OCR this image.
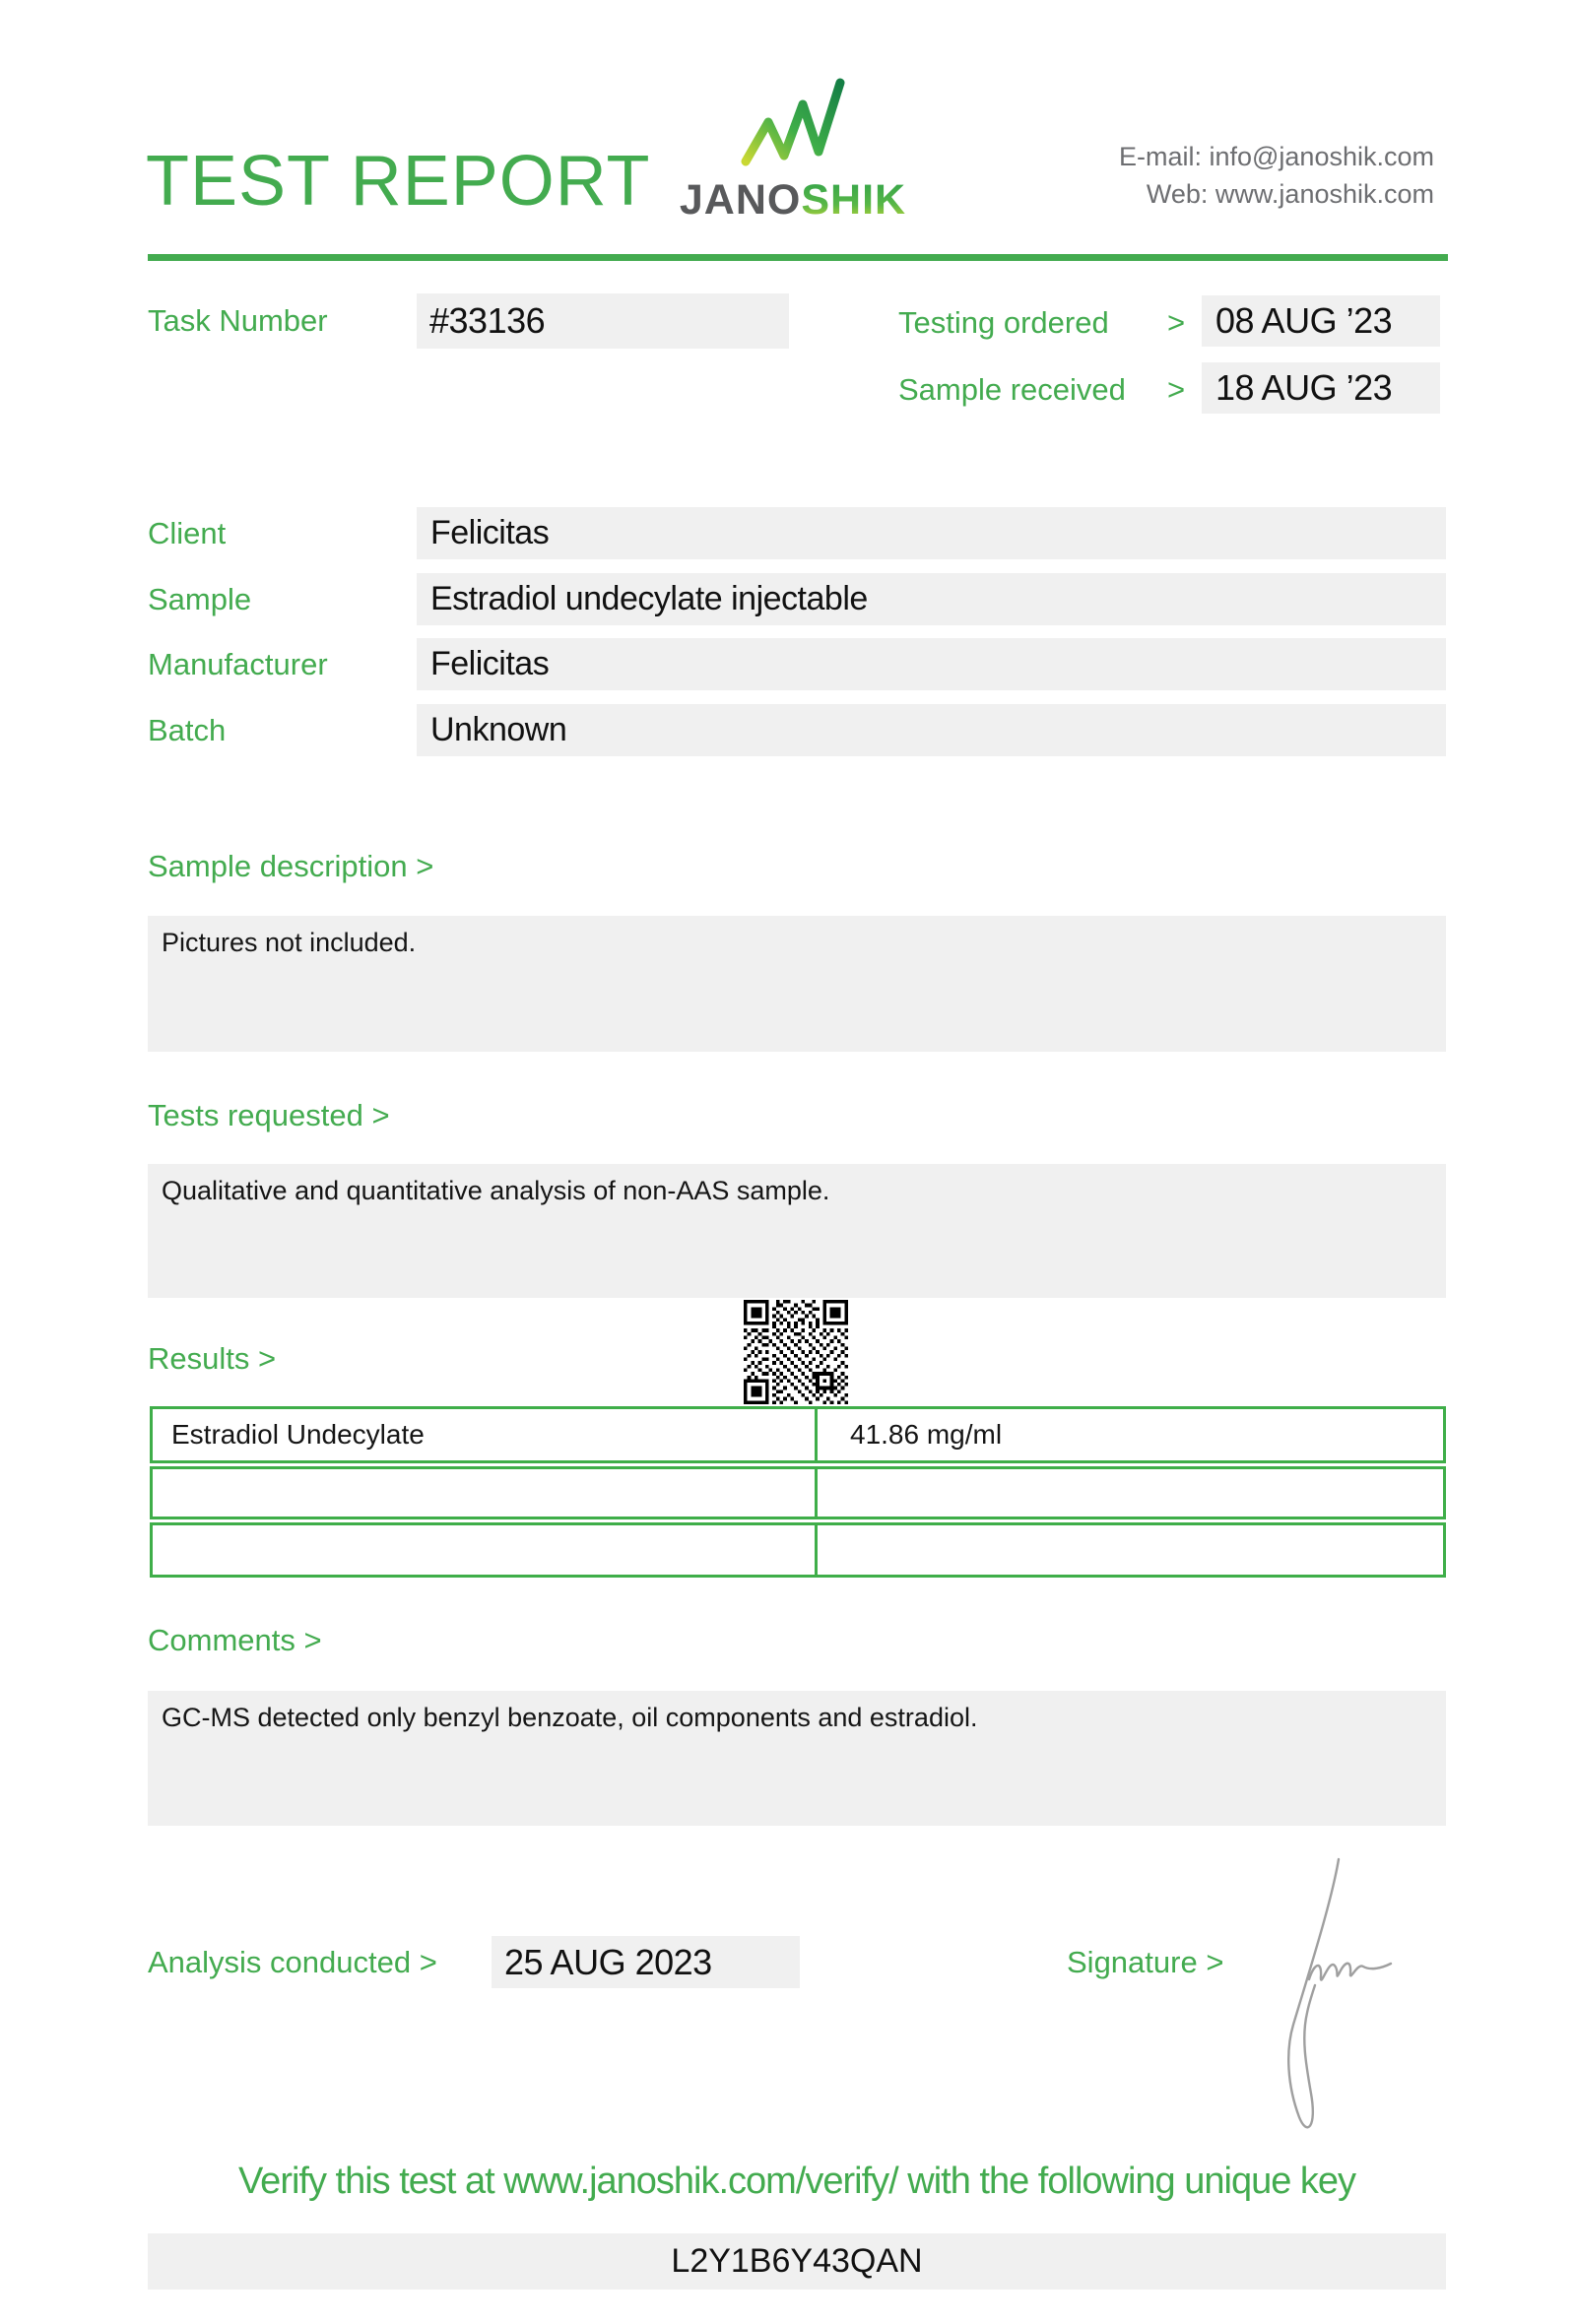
TEST REPORT
JANOSHIK
E-mail: info@janoshik.com
Web: www.janoshik.com
Task Number	#33136	Testing ordered > 08 AUG ’23
Sample received > 18 AUG ’23
Client	Felicitas
Sample	Estradiol undecylate injectable
Manufacturer	Felicitas
Batch	Unknown
Sample description >
Pictures not included.
Tests requested >
Qualitative and quantitative analysis of non-AAS sample.
Results >
Estradiol Undecylate	41.86 mg/ml
Comments >
GC-MS detected only benzyl benzoate, oil components and estradiol.
Analysis conducted >	25 AUG 2023	Signature >
Verify this test at www.janoshik.com/verify/ with the following unique key
L2Y1B6Y43QAN
